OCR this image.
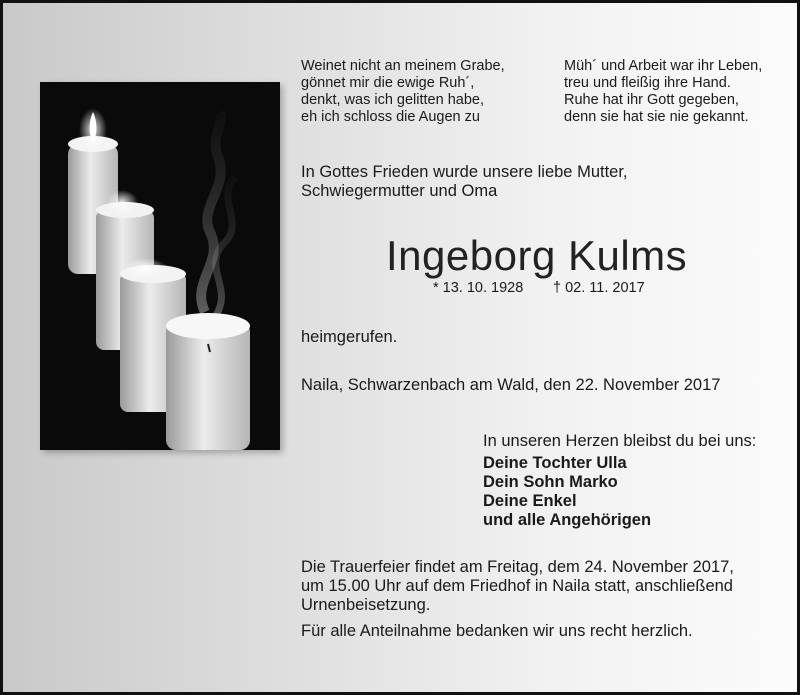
Weinet nicht an meinem Grabe,
gönnet mir die ewige Ruh´,
denkt, was ich gelitten habe,
eh ich schloss die Augen zu

Müh´ und Arbeit war ihr Leben,
treu und fleißig ihre Hand.
Ruhe hat ihr Gott gegeben,
denn sie hat sie nie gekannt.

In Gottes Frieden wurde unsere liebe Mutter,
Schwiegermutter und Oma

Ingeborg Kulms

* 13. 10. 1928 † 02. 11. 2017

heimgerufen.

Naila, Schwarzenbach am Wald, den 22. November 2017

In unseren Herzen bleibst du bei uns:

Deine Tochter Ulla
Dein Sohn Marko
Deine Enkel
und alle Angehörigen

Die Trauerfeier findet am Freitag, dem 24. November 2017,
um 15.00 Uhr auf dem Friedhof in Naila statt, anschließend
Urnenbeisetzung.

Für alle Anteilnahme bedanken wir uns recht herzlich.
